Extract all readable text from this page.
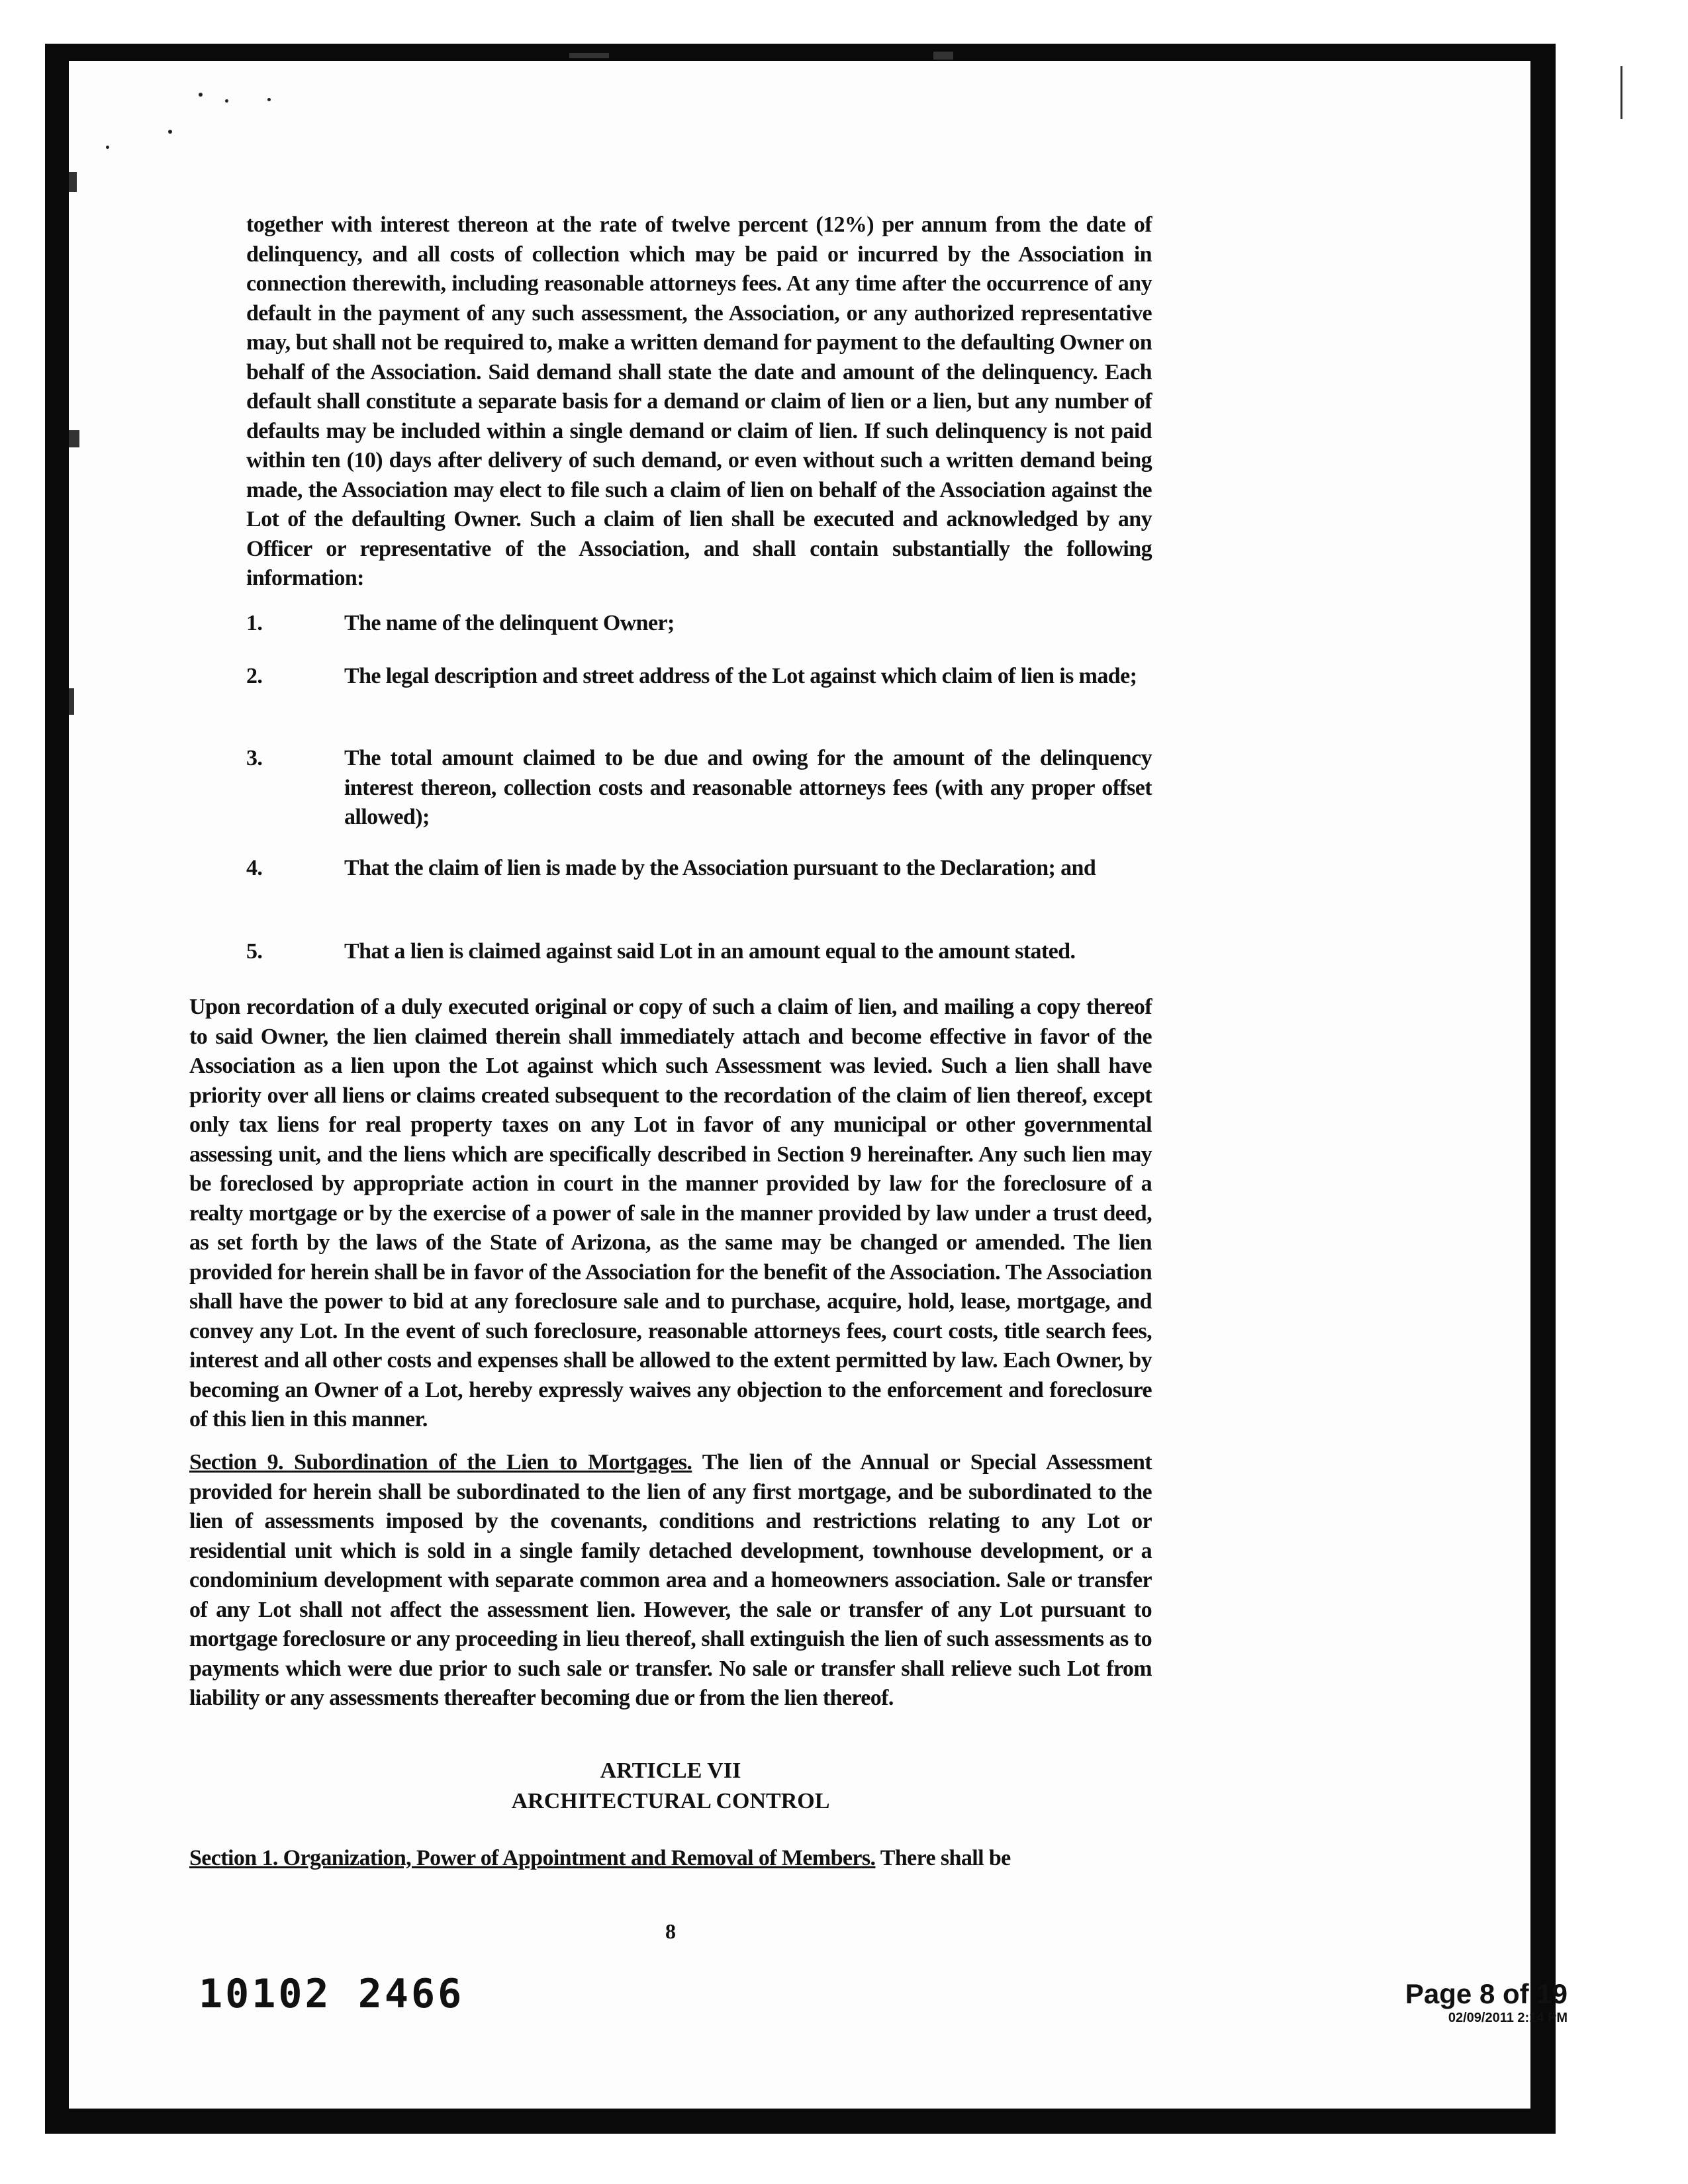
together with interest thereon at the rate of twelve percent (12%) per annum from the date of delinquency, and all costs of collection which may be paid or incurred by the Association in connection therewith, including reasonable attorneys fees. At any time after the occurrence of any default in the payment of any such assessment, the Association, or any authorized representative may, but shall not be required to, make a written demand for payment to the defaulting Owner on behalf of the Association. Said demand shall state the date and amount of the delinquency. Each default shall constitute a separate basis for a demand or claim of lien or a lien, but any number of defaults may be included within a single demand or claim of lien. If such delinquency is not paid within ten (10) days after delivery of such demand, or even without such a written demand being made, the Association may elect to file such a claim of lien on behalf of the Association against the Lot of the defaulting Owner. Such a claim of lien shall be executed and acknowledged by any Officer or representative of the Association, and shall contain substantially the following information:

1.	The name of the delinquent Owner;

2.	The legal description and street address of the Lot against which claim of lien is made;

3.	The total amount claimed to be due and owing for the amount of the delinquency interest thereon, collection costs and reasonable attorneys fees (with any proper offset allowed);

4.	That the claim of lien is made by the Association pursuant to the Declaration; and

5.	That a lien is claimed against said Lot in an amount equal to the amount stated.

Upon recordation of a duly executed original or copy of such a claim of lien, and mailing a copy thereof to said Owner, the lien claimed therein shall immediately attach and become effective in favor of the Association as a lien upon the Lot against which such Assessment was levied. Such a lien shall have priority over all liens or claims created subsequent to the recordation of the claim of lien thereof, except only tax liens for real property taxes on any Lot in favor of any municipal or other governmental assessing unit, and the liens which are specifically described in Section 9 hereinafter. Any such lien may be foreclosed by appropriate action in court in the manner provided by law for the foreclosure of a realty mortgage or by the exercise of a power of sale in the manner provided by law under a trust deed, as set forth by the laws of the State of Arizona, as the same may be changed or amended. The lien provided for herein shall be in favor of the Association for the benefit of the Association. The Association shall have the power to bid at any foreclosure sale and to purchase, acquire, hold, lease, mortgage, and convey any Lot. In the event of such foreclosure, reasonable attorneys fees, court costs, title search fees, interest and all other costs and expenses shall be allowed to the extent permitted by law. Each Owner, by becoming an Owner of a Lot, hereby expressly waives any objection to the enforcement and foreclosure of this lien in this manner.

Section 9. Subordination of the Lien to Mortgages. The lien of the Annual or Special Assessment provided for herein shall be subordinated to the lien of any first mortgage, and be subordinated to the lien of assessments imposed by the covenants, conditions and restrictions relating to any Lot or residential unit which is sold in a single family detached development, townhouse development, or a condominium development with separate common area and a homeowners association. Sale or transfer of any Lot shall not affect the assessment lien. However, the sale or transfer of any Lot pursuant to mortgage foreclosure or any proceeding in lieu thereof, shall extinguish the lien of such assessments as to payments which were due prior to such sale or transfer. No sale or transfer shall relieve such Lot from liability or any assessments thereafter becoming due or from the lien thereof.

ARTICLE VII

ARCHITECTURAL CONTROL

Section 1. Organization, Power of Appointment and Removal of Members. There shall be

8

10102 2466	Page 8 of 19

02/09/2011 2:14 PM
